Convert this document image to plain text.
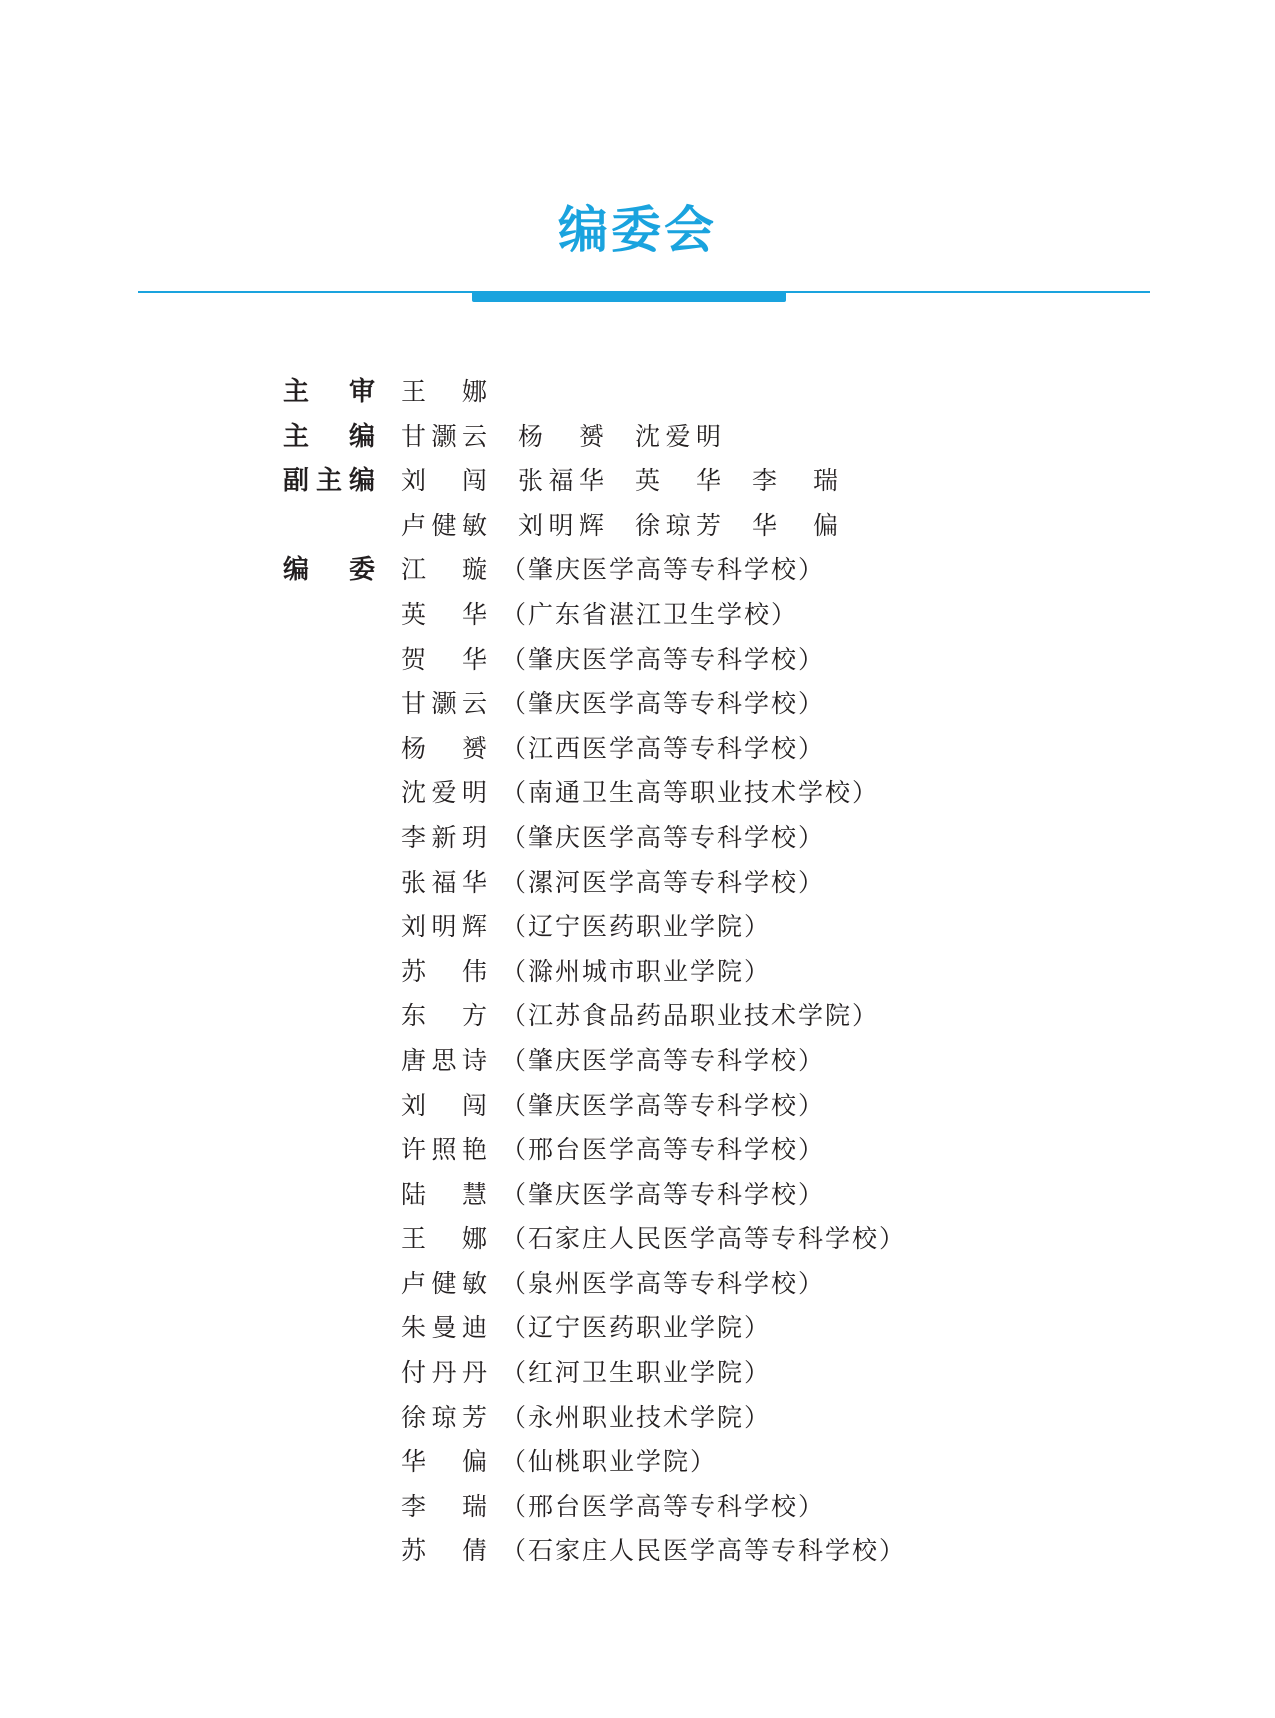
编委会
主审 王　娜
主编 甘灏云 杨　赟 沈爱明
副主编 刘　闯 张福华 英　华 李　瑞
卢健敏 刘明辉 徐琼芳 华　偏
编委 江　璇 （肇庆医学高等专科学校）
英　华 （广东省湛江卫生学校）
贺　华 （肇庆医学高等专科学校）
甘灏云 （肇庆医学高等专科学校）
杨　赟 （江西医学高等专科学校）
沈爱明 （南通卫生高等职业技术学校）
李新玥 （肇庆医学高等专科学校）
张福华 （漯河医学高等专科学校）
刘明辉 （辽宁医药职业学院）
苏　伟 （滁州城市职业学院）
东　方 （江苏食品药品职业技术学院）
唐思诗 （肇庆医学高等专科学校）
刘　闯 （肇庆医学高等专科学校）
许照艳 （邢台医学高等专科学校）
陆　慧 （肇庆医学高等专科学校）
王　娜 （石家庄人民医学高等专科学校）
卢健敏 （泉州医学高等专科学校）
朱曼迪 （辽宁医药职业学院）
付丹丹 （红河卫生职业学院）
徐琼芳 （永州职业技术学院）
华　偏 （仙桃职业学院）
李　瑞 （邢台医学高等专科学校）
苏　倩 （石家庄人民医学高等专科学校）
